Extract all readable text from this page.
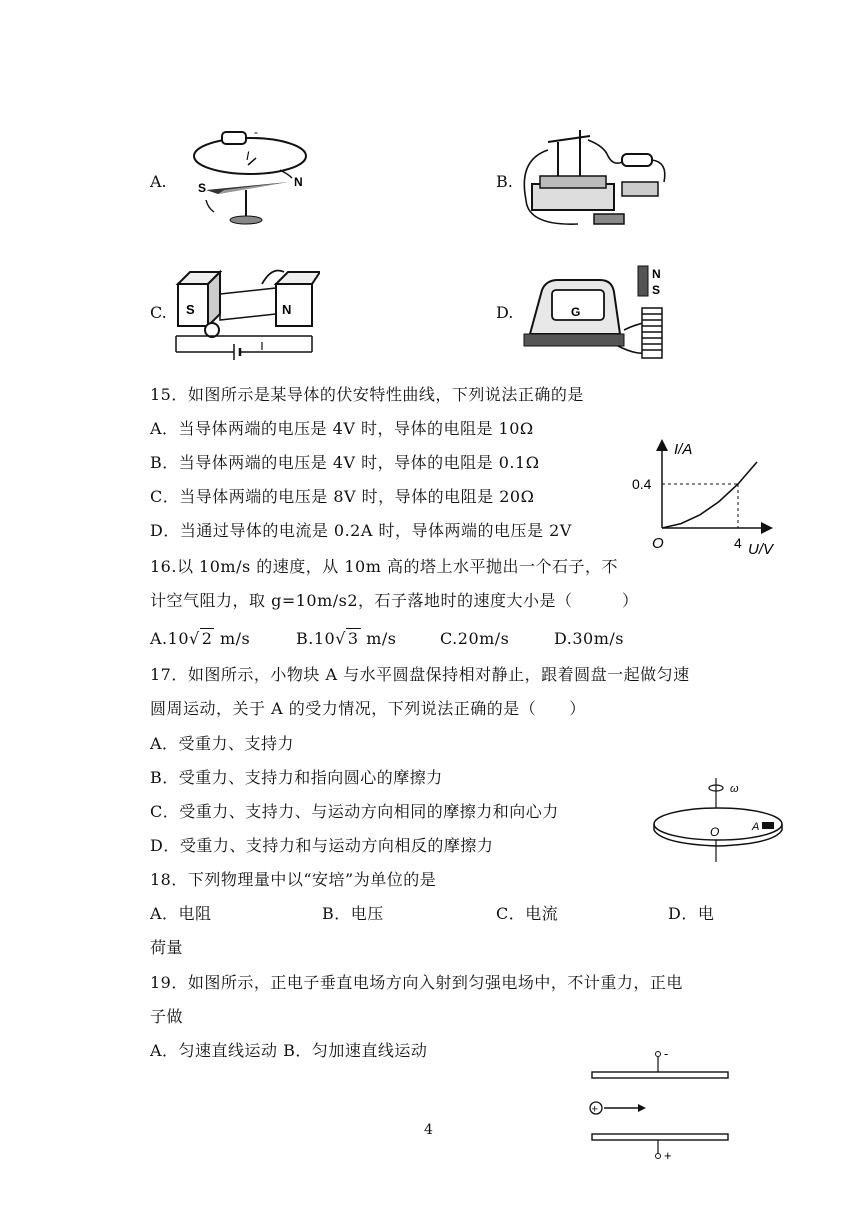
A.	B.
C.	D.
-
I
S	N
S	N	G
N
S
15．如图所示是某导体的伏安特性曲线，下列说法正确的是
A．当导体两端的电压是 4V 时，导体的电阻是 10Ω
B．当导体两端的电压是 4V 时，导体的电阻是 0.1Ω
C．当导体两端的电压是 8V 时，导体的电阻是 20Ω
D．当通过导体的电流是 0.2A 时，导体两端的电压是 2V
I/A
U/V
O	4
0.4
16.以 10m/s 的速度，从 10m 高的塔上水平抛出一个石子，不
计空气阻力，取 g=10m/s2，石子落地时的速度大小是（　　　）
A.10√ 2 m/s	B.10√ 3 m/s	C.20m/s	D.30m/s
17．如图所示，小物块 A 与水平圆盘保持相对静止，跟着圆盘一起做匀速
圆周运动，关于 A 的受力情况，下列说法正确的是（　　）
A．受重力、支持力
B．受重力、支持力和指向圆心的摩擦力
C．受重力、支持力、与运动方向相同的摩擦力和向心力
D．受重力、支持力和与运动方向相反的摩擦力
ω
O	A
18．下列物理量中以“安培”为单位的是
A．电阻	B．电压	C．电流	D．电
荷量
19．如图所示，正电子垂直电场方向入射到匀强电场中，不计重力，正电
子做
A．匀速直线运动 B．匀加速直线运动	-
+
+
4
